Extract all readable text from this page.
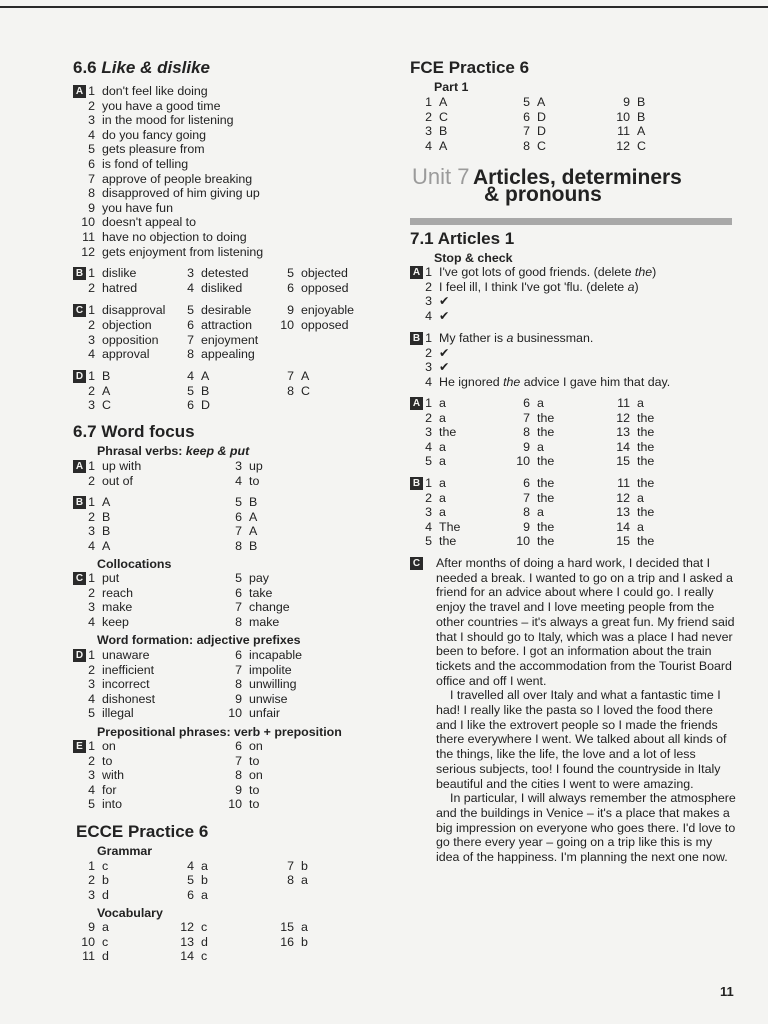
6.6 Like & dislike
A 1 don't feel like doing
2 you have a good time
3 in the mood for listening
4 do you fancy going
5 gets pleasure from
6 is fond of telling
7 approve of people breaking
8 disapproved of him giving up
9 you have fun
10 doesn't appeal to
11 have no objection to doing
12 gets enjoyment from listening
B 1 dislike	3 detested	5 objected
2 hatred	4 disliked	6 opposed
C 1 disapproval	5 desirable	9 enjoyable
2 objection	6 attraction	10 opposed
3 opposition	7 enjoyment
4 approval	8 appealing
D 1 B	4 A	7 A
2 A	5 B	8 C
3 C	6 D
6.7 Word focus
Phrasal verbs: keep & put
A 1 up with	3 up
2 out of	4 to
B 1 A	5 B
2 B	6 A
3 B	7 A
4 A	8 B
Collocations
C 1 put	5 pay
2 reach	6 take
3 make	7 change
4 keep	8 make
Word formation: adjective prefixes
D 1 unaware	6 incapable
2 inefficient	7 impolite
3 incorrect	8 unwilling
4 dishonest	9 unwise
5 illegal	10 unfair
Prepositional phrases: verb + preposition
E 1 on	6 on
2 to	7 to
3 with	8 on
4 for	9 to
5 into	10 to
ECCE Practice 6
Grammar
1 c	4 a	7 b
2 b	5 b	8 a
3 d	6 a
Vocabulary
9 a	12 c	15 a
10 c	13 d	16 b
11 d	14 c
FCE Practice 6
Part 1
1 A	5 A	9 B
2 C	6 D	10 B
3 B	7 D	11 A
4 A	8 C	12 C
Unit 7 Articles, determiners
& pronouns
7.1 Articles 1
Stop & check
A 1 I've got lots of good friends. (delete the)
2 I feel ill, I think I've got 'flu. (delete a)
3 ✔
4 ✔
B 1 My father is a businessman.
2 ✔
3 ✔
4 He ignored the advice I gave him that day.
A 1 a	6 a	11 a
2 a	7 the	12 the
3 the	8 the	13 the
4 a	9 a	14 the
5 a	10 the	15 the
B 1 a	6 the	11 the
2 a	7 the	12 a
3 a	8 a	13 the
4 The	9 the	14 a
5 the	10 the	15 the
C After months of doing a hard work, I decided that I needed a break. I wanted to go on a trip and I asked a friend for an advice about where I could go. I really enjoy the travel and I love meeting people from the other countries – it's always a great fun. My friend said that I should go to Italy, which was a place I had never been to before. I got an information about the train tickets and the accommodation from the Tourist Board office and off I went.

I travelled all over Italy and what a fantastic time I had! I really like the pasta so I loved the food there and I like the extrovert people so I made the friends there everywhere I went. We talked about all kinds of the things, like the life, the love and a lot of less serious subjects, too! I found the countryside in Italy beautiful and the cities I went to were amazing.

In particular, I will always remember the atmosphere and the buildings in Venice – it's a place that makes a big impression on everyone who goes there. I'd love to go there every year – going on a trip like this is my idea of the happiness. I'm planning the next one now.

11
